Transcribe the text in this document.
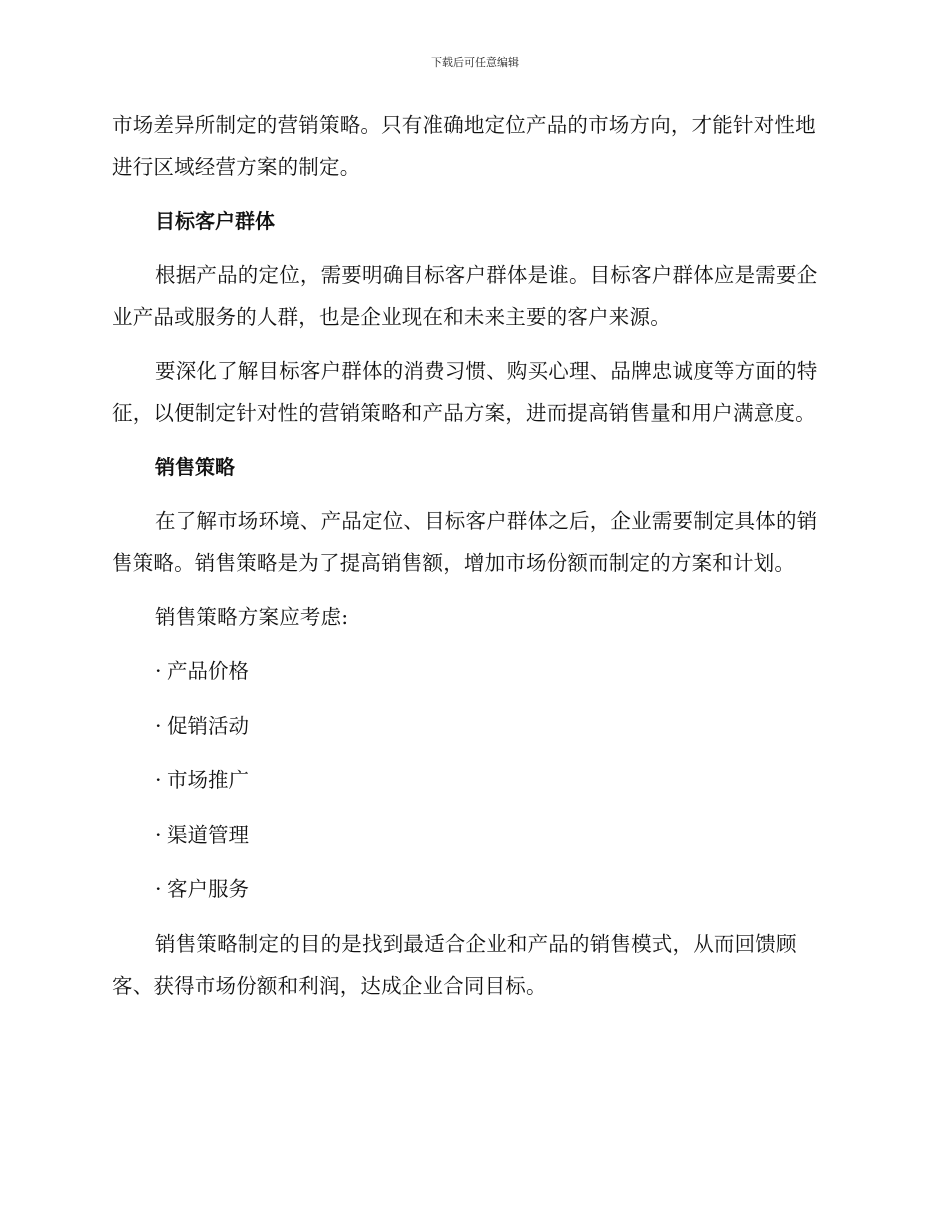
下载后可任意编辑

市场差异所制定的营销策略。只有准确地定位产品的市场方向，才能针对性地进行区域经营方案的制定。

目标客户群体

根据产品的定位，需要明确目标客户群体是谁。目标客户群体应是需要企业产品或服务的人群，也是企业现在和未来主要的客户来源。

要深化了解目标客户群体的消费习惯、购买心理、品牌忠诚度等方面的特征，以便制定针对性的营销策略和产品方案，进而提高销售量和用户满意度。

销售策略

在了解市场环境、产品定位、目标客户群体之后，企业需要制定具体的销售策略。销售策略是为了提高销售额，增加市场份额而制定的方案和计划。

销售策略方案应考虑:

· 产品价格
· 促销活动
· 市场推广
· 渠道管理
· 客户服务

销售策略制定的目的是找到最适合企业和产品的销售模式，从而回馈顾客、获得市场份额和利润，达成企业合同目标。
